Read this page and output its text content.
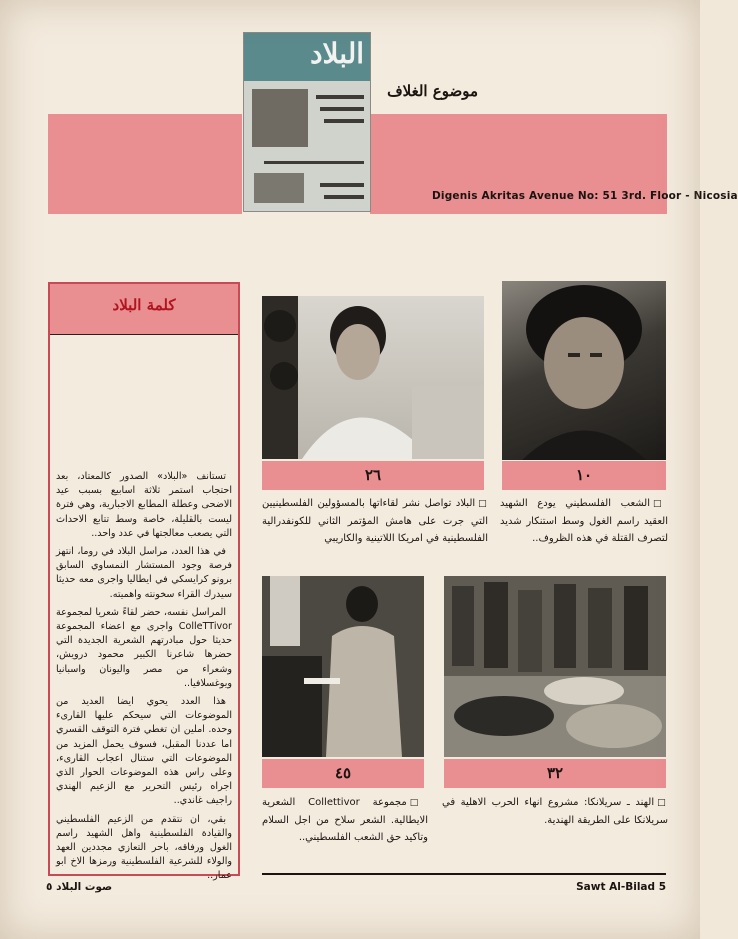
البلاد
موضوع الغلاف
Digenis Akritas Avenue No: 51 3rd. Floor - Nicosia
كلمة البلاد

تستانف «البلاد» الصدور كالمعتاد، بعد احتجاب استمر ثلاثة اسابيع بسبب عيد الاضحى وعطلة المطابع الاجبارية، وهي فترة ليست بالقليلة، خاصة وسط تتابع الاحداث التي يصعب معالجتها في عدد واحد..

في هذا العدد، مراسل البلاد في روما، انتهز فرصة وجود المستشار النمساوي السابق برونو كرايسكي في ايطاليا واجرى معه حديثا سيدرك القراء سخونته واهميته.

المراسل نفسه، حضر لقاءً شعريا لمجموعة ColleTTivor واجرى مع اعضاء المجموعة حديثا حول مبادرتهم الشعرية الجديدة التي حضرها شاعرنا الكبير محمود درويش، وشعراء من مصر واليونان واسبانيا ويوغسلافيا..

هذا العدد يحوي ايضا العديد من الموضوعات التي سيحكم عليها القارىء وحده. املين ان تغطي فترة التوقف القسري اما عددنا المقبل، فسوف يحمل المزيد من الموضوعات التي ستنال اعجاب القارىء، وعلى راس هذه الموضوعات الحوار الذي اجراه رئيس التحرير مع الزعيم الهندي راجيف غاندي..

بقي، ان نتقدم من الزعيم الفلسطيني والقيادة الفلسطينية واهل الشهيد راسم الغول ورفاقه، باحر التعازي مجددين العهد والولاء للشرعية الفلسطينية ورمزها الاخ ابو عمار..

١٠
٢٦
٣٢
٤٥
□الشعب الفلسطيني يودع الشهيد العقيد راسم الغول وسط استنكار شديد لتصرف القتلة في هذه الظروف..
□البلاد تواصل نشر لقاءاتها بالمسؤولين الفلسطينيين التي جرت على هامش المؤتمر الثاني للكونفدرالية الفلسطينية في امريكا اللاتينية والكاريبي
□الهند ـ سريلانكا: مشروع انهاء الحرب الاهلية في سريلانكا على الطريقة الهندية.
□مجموعة Collettivor الشعرية الايطالية. الشعر سلاح من اجل السلام وتاكيد حق الشعب الفلسطيني..
صوت البلاد ٥	Sawt Al-Bilad 5
